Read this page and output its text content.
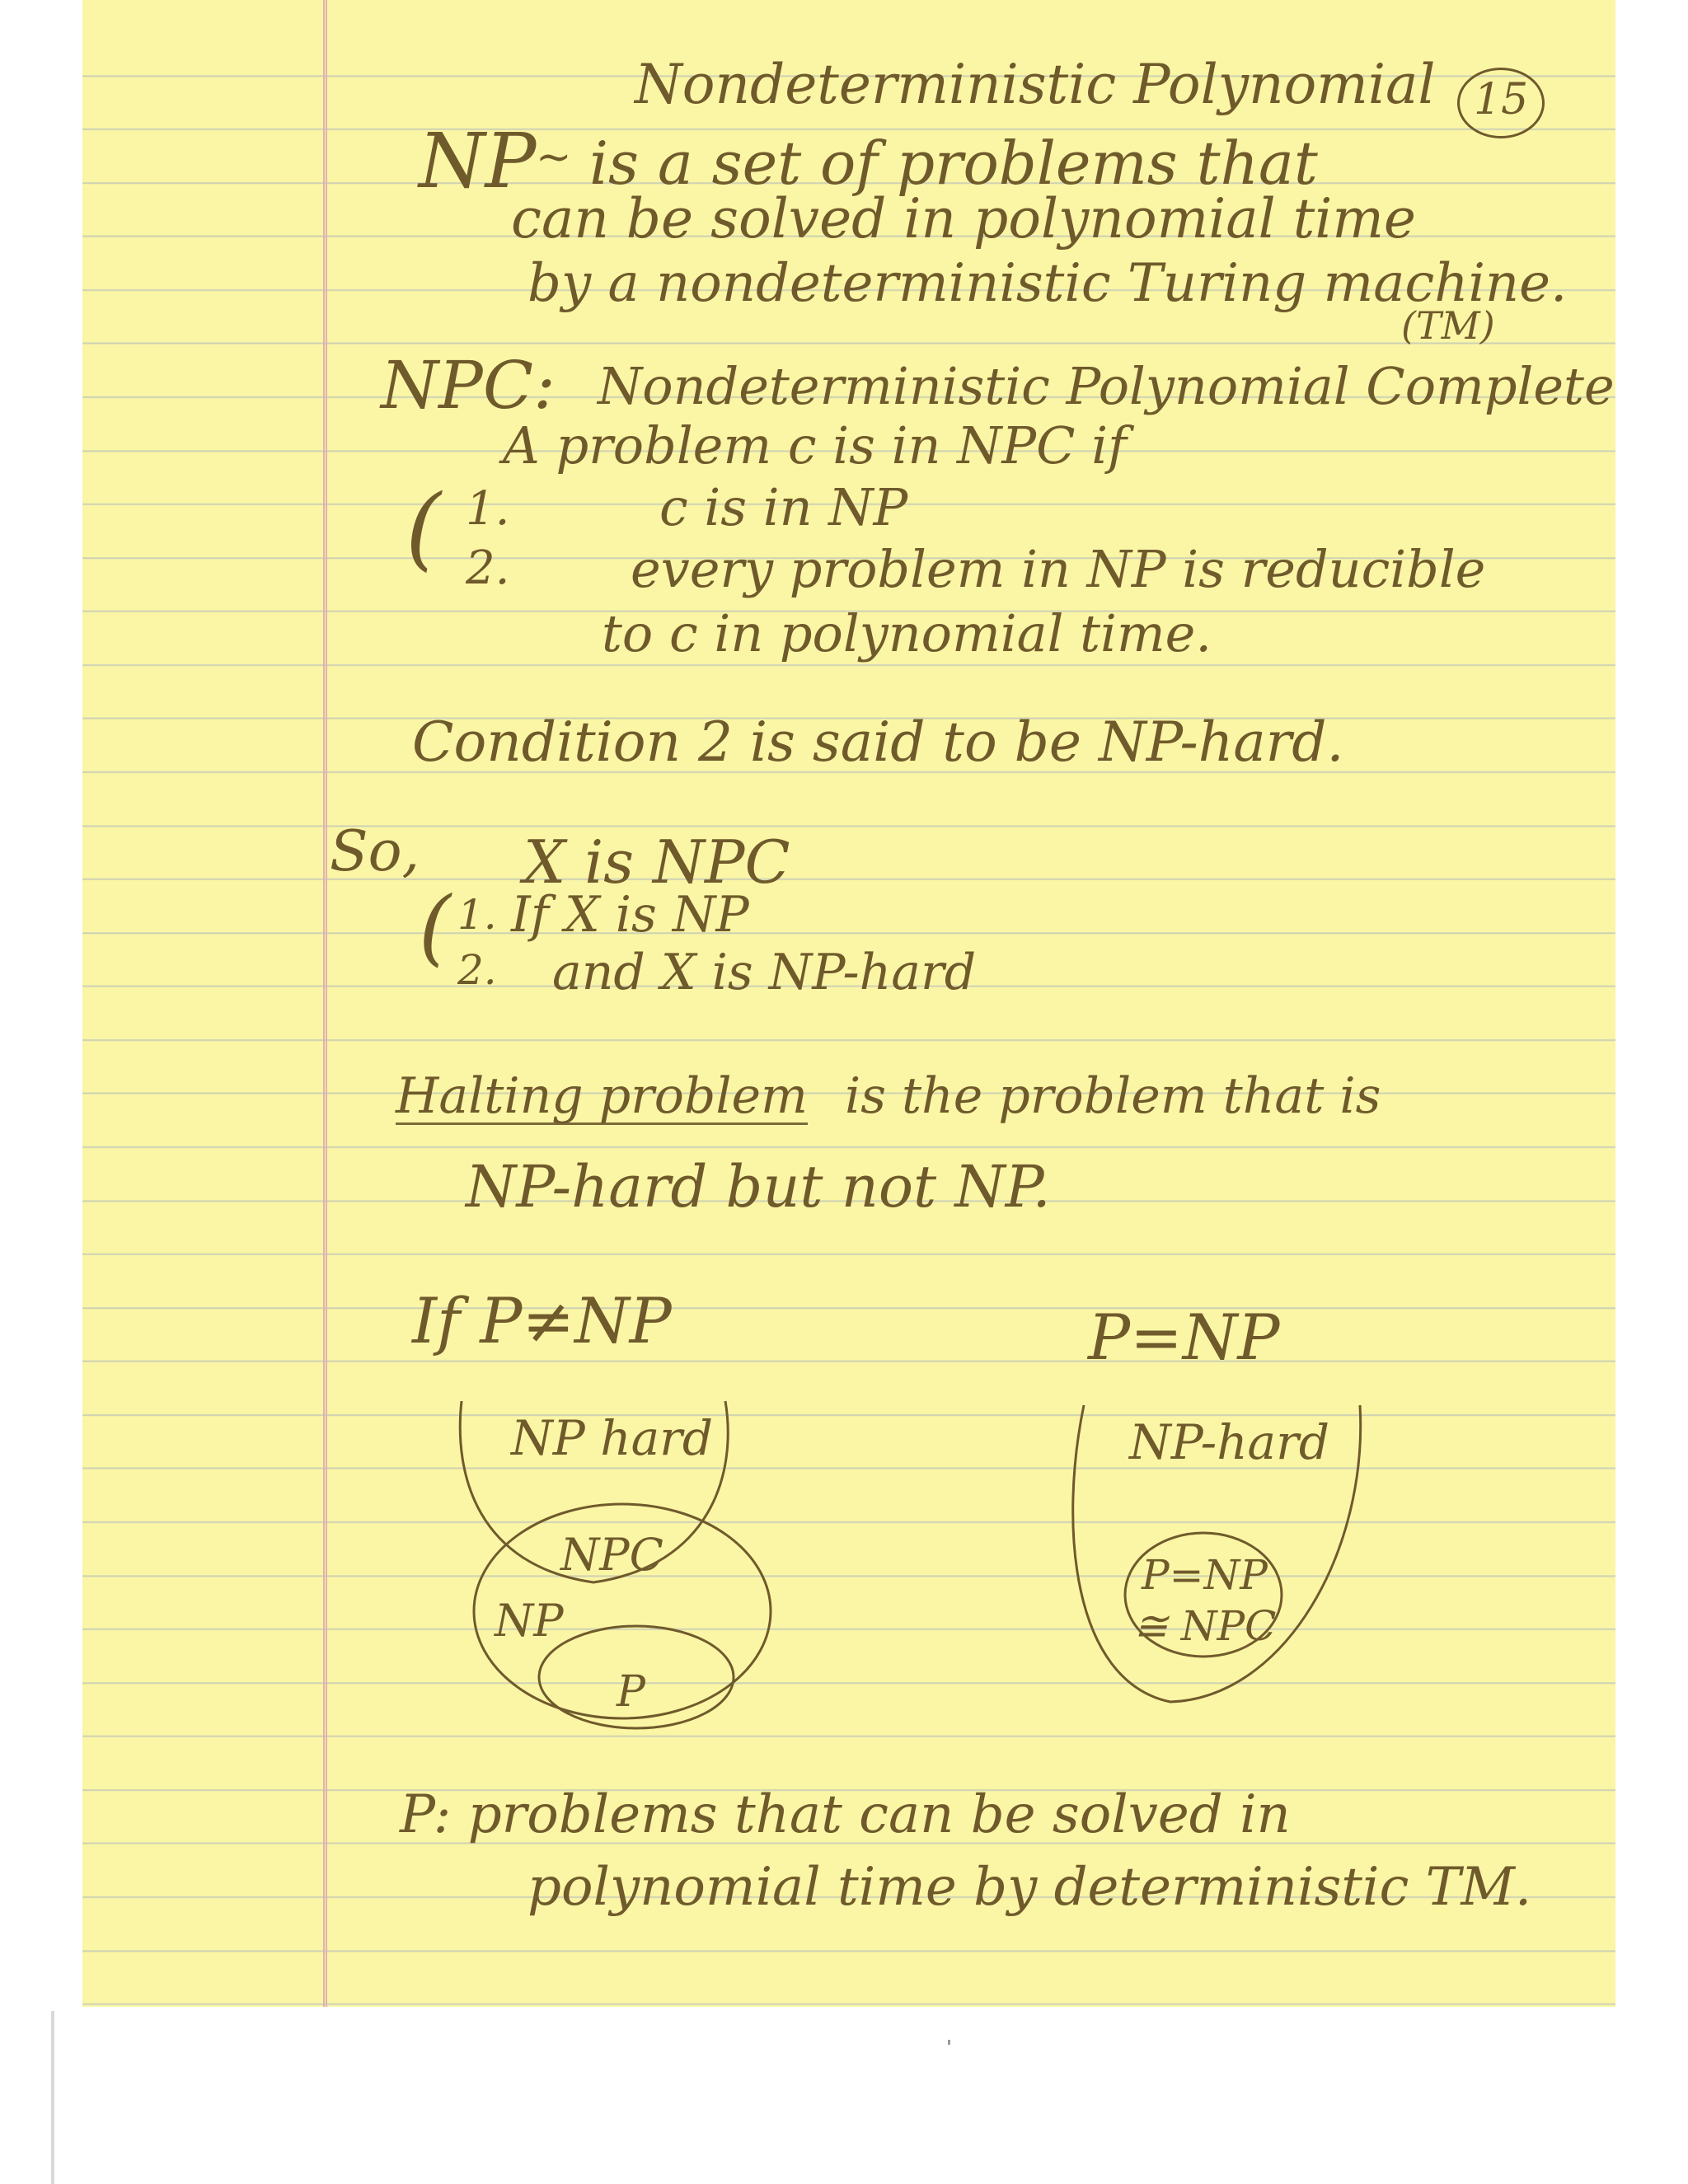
Nondeterministic Polynomial 15
NP ~ is a set of problems that
can be solved in polynomial time
by a nondeterministic Turing machine.
(TM)
NPC: Nondeterministic Polynomial Complete
A problem c is in NPC if
( 1.	c is in NP
2. every problem in NP is reducible
to c in polynomial time.
Condition 2 is said to be NP-hard.
So, X is NPC
( 1. If X is NP
2. and X is NP-hard
Halting problem is the problem that is
NP-hard but not NP.
If P≠NP	P=NP
NP hard
NPC
NP
P
NP-hard
P=NP
≅ NPC
P: problems that can be solved in
polynomial time by deterministic TM.
